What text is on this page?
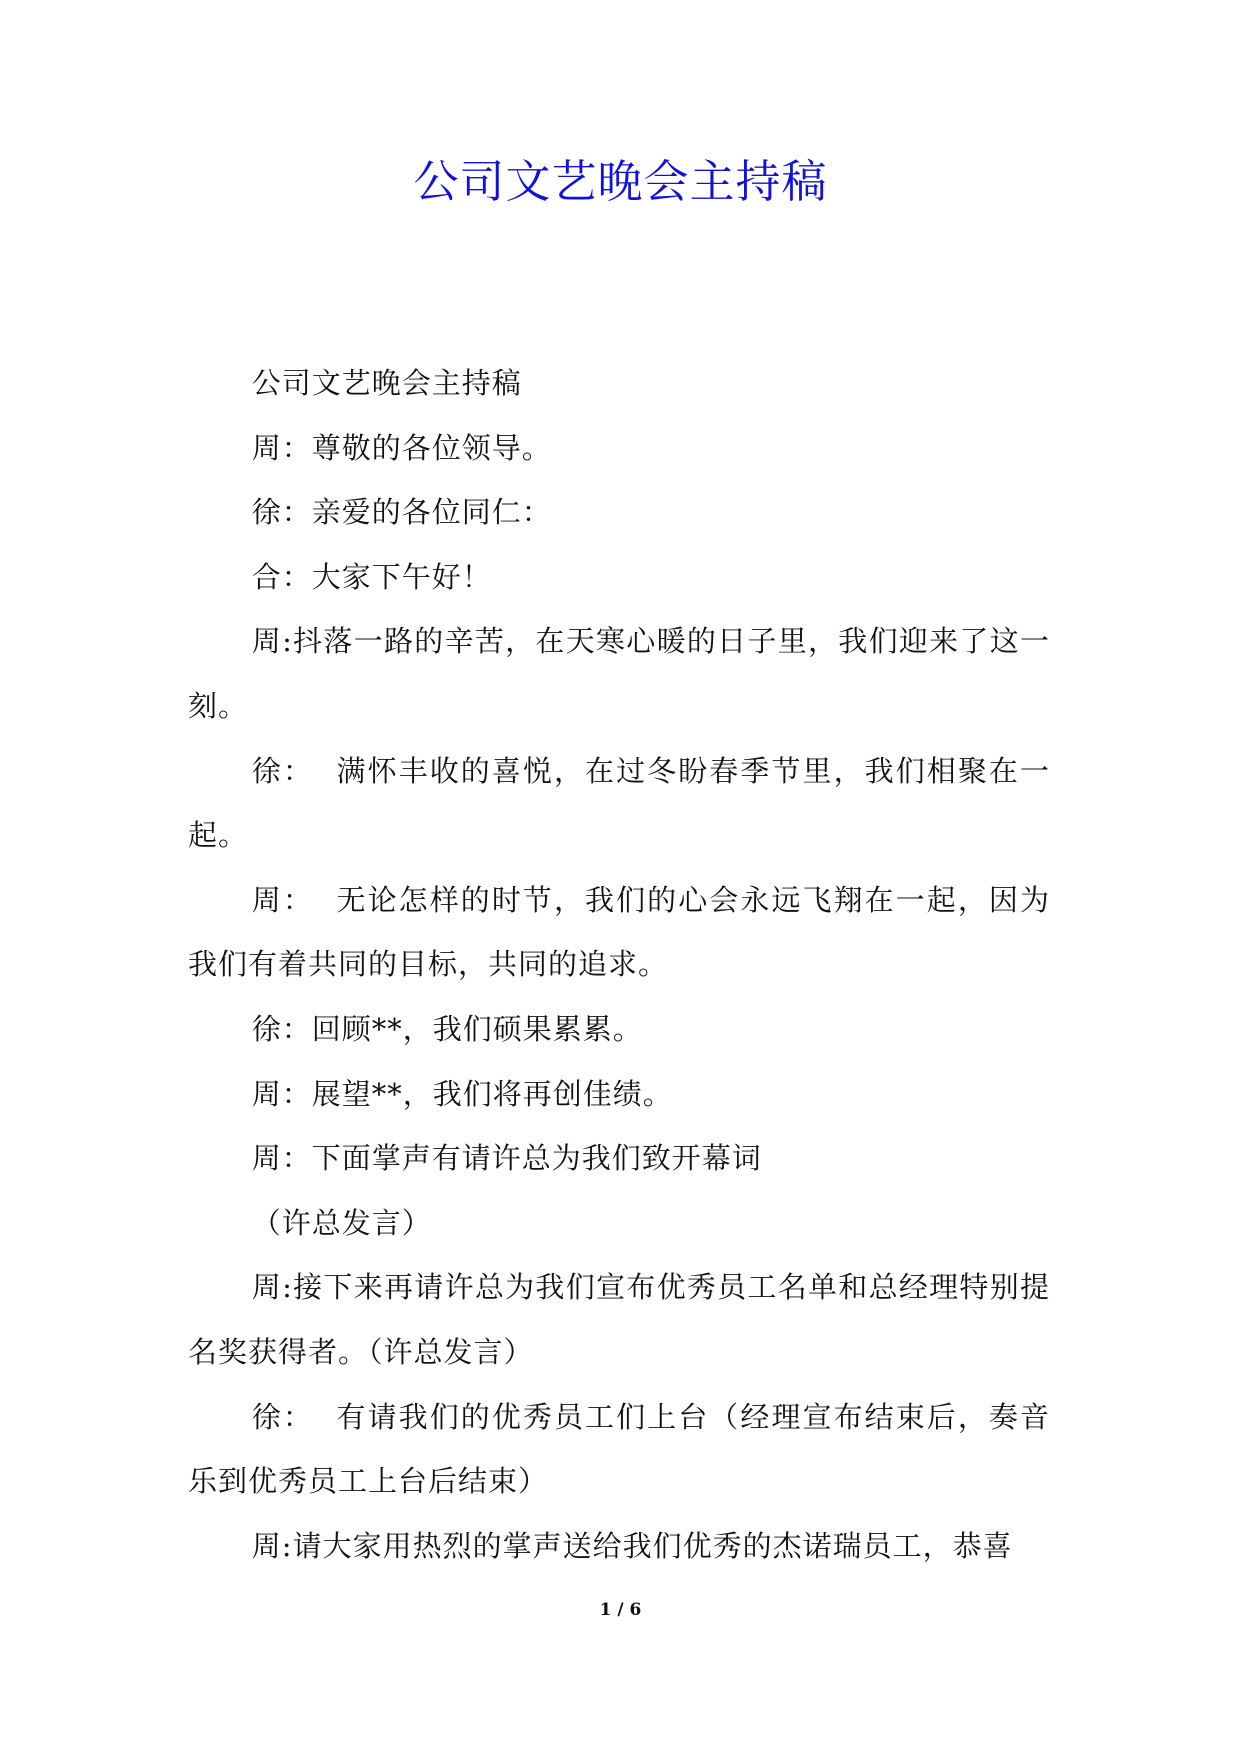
公司文艺晚会主持稿

公司文艺晚会主持稿

周：尊敬的各位领导。

徐：亲爱的各位同仁：

合：大家下午好！

周:抖落一路的辛苦，在天寒心暖的日子里，我们迎来了这一刻。

徐：  满怀丰收的喜悦，在过冬盼春季节里，我们相聚在一起。

周：  无论怎样的时节，我们的心会永远飞翔在一起，因为我们有着共同的目标，共同的追求。

徐：回顾**，我们硕果累累。

周：展望**，我们将再创佳绩。

周：下面掌声有请许总为我们致开幕词

（许总发言）

周:接下来再请许总为我们宣布优秀员工名单和总经理特别提名奖获得者。（许总发言）

徐：  有请我们的优秀员工们上台（经理宣布结束后，奏音乐到优秀员工上台后结束）

周:请大家用热烈的掌声送给我们优秀的杰诺瑞员工，恭喜

1 / 6
